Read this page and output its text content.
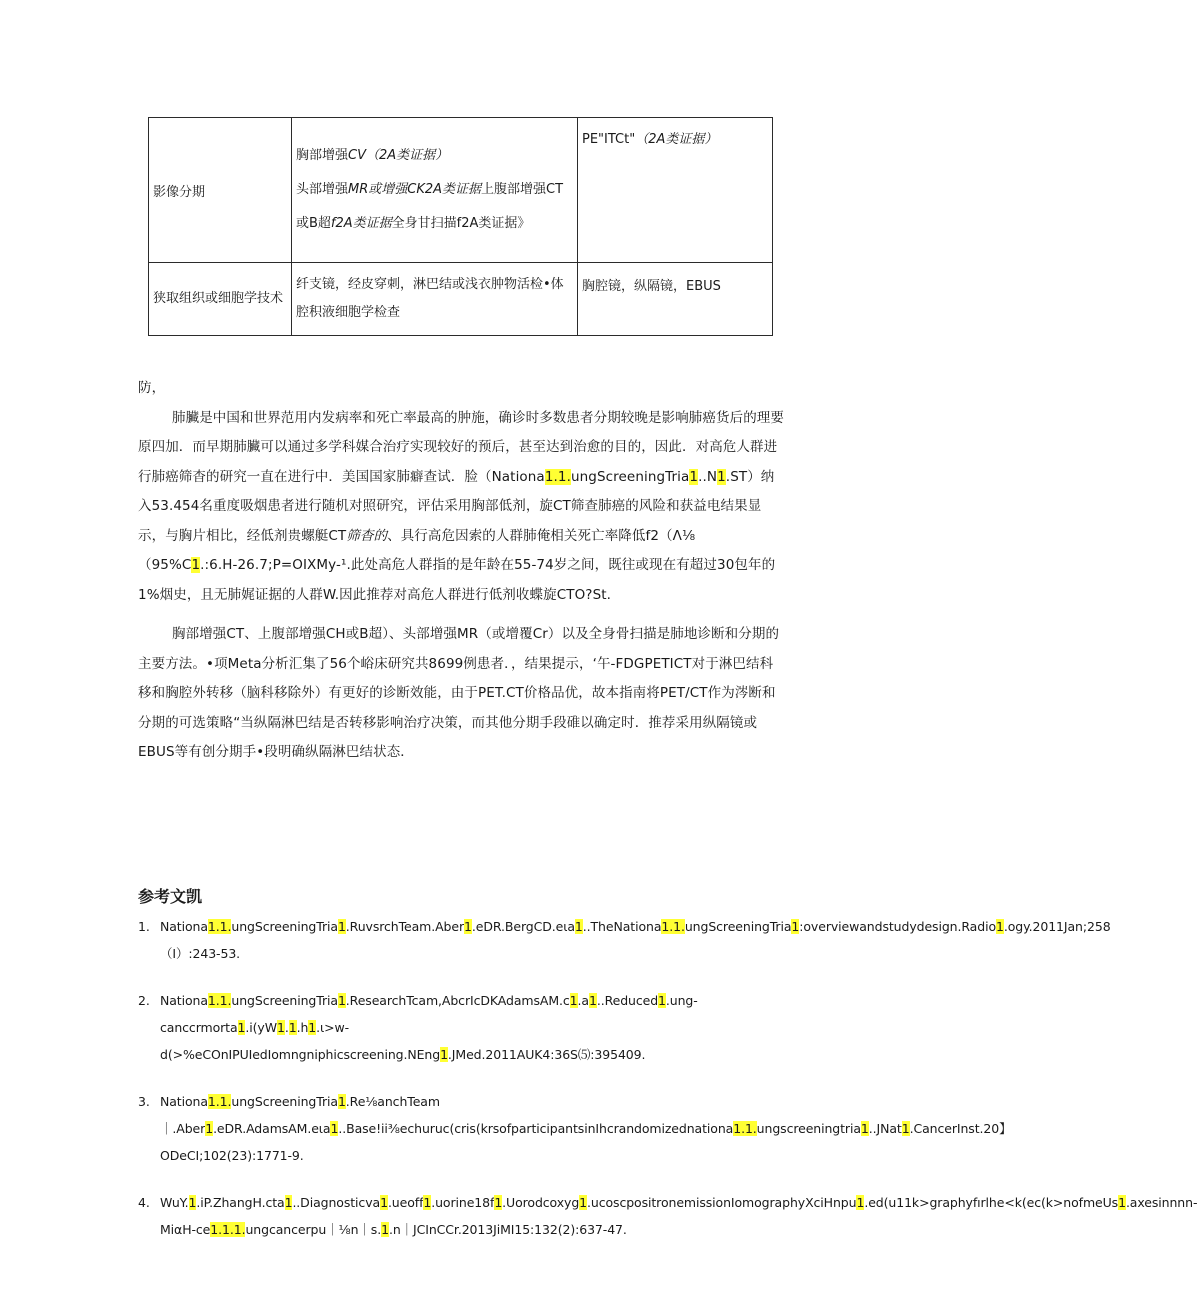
影像分期	胸部增强CV（2A类证据）

头部增强MR或增强CK2A类证据上腹部增强CT

或B超f2A类证据全身甘扫描f2A类证据》	PE"ITCt"（2A类证据）
狭取组织或细胞学技术	纤支镜，经皮穿刺，淋巴结或浅衣肿物活检•体腔积液细胞学检查	胸腔镜，纵隔镜，EBUS

防，

肺臟是中国和世界范用内发病率和死亡率最高的肿施，确诊时多数患者分期较晚是影响肺癌货后的理要原四加．而早期肺臟可以通过多学科媒合治疗实现较好的预后，甚至达到治愈的目的，因此．对高危人群进行肺癌筛杳的研究一直在进行中．美国国家肺癖查试．脸（Nationa1.1.ungScreeningTria1..N1.ST）纳入53.454名重度吸烟患者进行随机对照研究，评估采用胸部低剂，旋CT筛查肺癌的风险和获益电结果显示，与胸片相比，经低剂贵螺艇CT筛杳的、具行高危因索的人群肺俺相关死亡率降低f2（Λ⅛（95%C1.:6.H-26.7;P=OIXMy-¹.此处高危人群指的是年龄在55-74岁之间，既往或现在有超过30包年的1%烟史，且无肺娓证据的人群W.因此推荐对高危人群进行低剂收蝶旋CTO?St.

胸部增强CT、上腹部增强CH或B超）、头部增强MR（或增覆Cr）以及全身骨扫描是肺地诊断和分期的主要方法。•项Meta分析汇集了56个峪床研究共8699例患者．，结果提示，‘午-FDGPETICT对于淋巴结科移和胸腔外转移（脑科移除外）有更好的诊断效能，由于PET.CT价格品优，故本指南将PET/CT作为涔断和分期的可选策略“当纵隔淋巴结是否转移影响治疗决策，而其他分期手段碓以确定时．推荐采用纵隔镜或EBUS等有创分期手•段明确纵隔淋巴结状态．

参考文凯
1. Nationa1.1.ungScreeningTria1.RuvsrchTeam.Aber1.eDR.BergCD.eιa1..TheNationa1.1.ungScreeningTria1:overviewandstudydesign.Radio1.ogy.2011Jan;258（I）:243-53.
2. Nationa1.1.ungScreeningTria1.ResearchTcam,AbcrIcDKAdamsAM.c1.a1..Reduced1.ung-canccrmorta1.i(yW1.1.h1.ι>w-d(>%eCOnIPUIedIomngniphicscreening.NEng1.JMed.2011AUK4:36S⑸:395409.
3. Nationa1.1.ungScreeningTria1.Re⅛anchTeam｜.Aber1.eDR.AdamsAM.eιa1..Base!ii⅜echuruc(cris(krsofparticipantsinIhcrandomizednationa1.1.ungscreeningtria1..JNat1.CancerInst.20】ODeCI;102(23):1771-9.
4. WuY.1.iP.ZhangH.cta1..Diagnosticva1.ueoff1.uorine18f1.Uorodcoxyg1.ucoscpositronemissionIomographyXciHnpu1.ed(u11k>graphyfırlhe<k(ec(k>nofmeUs1.axesinnnn-MiαH-ce1.1.1.ungcancerpu｜⅛n｜s.1.n｜JCInCCr.2013JiMI15:132(2):637-47.
